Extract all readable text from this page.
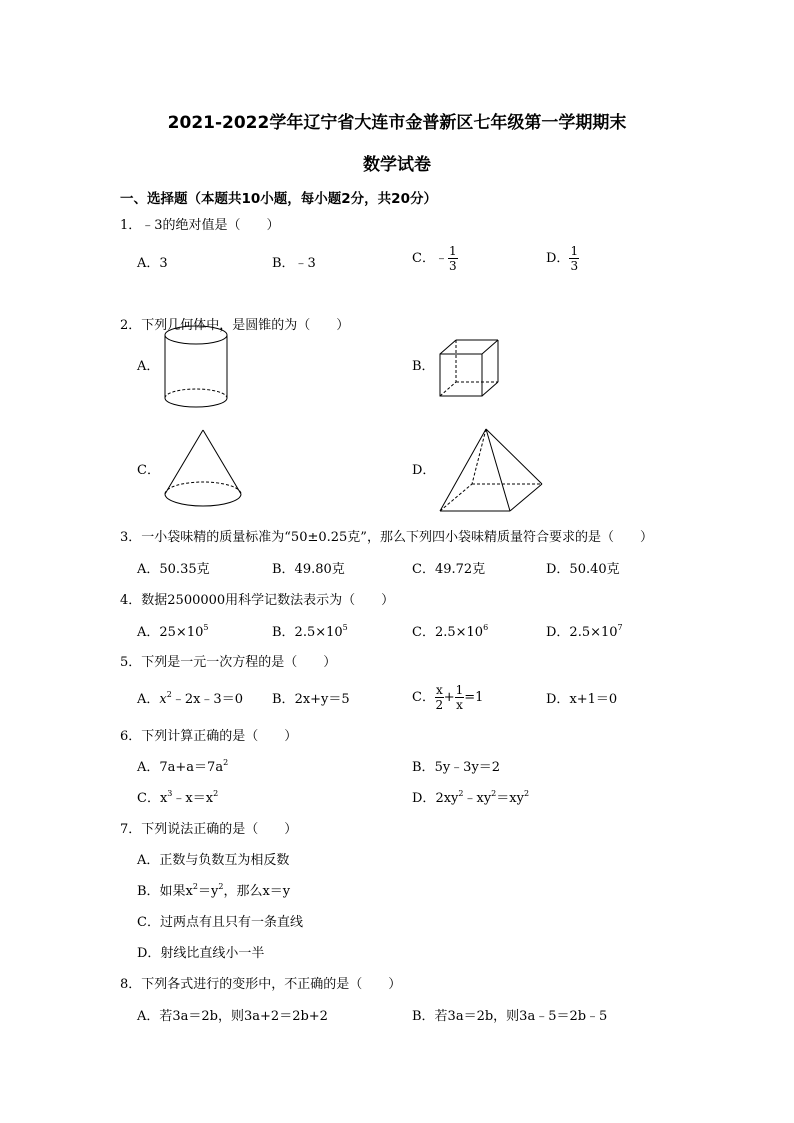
2021-2022学年辽宁省大连市金普新区七年级第一学期期末
数学试卷
一、选择题（本题共10小题，每小题2分，共20分）
1．﹣3的绝对值是（　　）
A．3	B．﹣3	C．﹣ $\frac{1}{3}$	D． $\frac{1}{3}$
2．下列几何体中，是圆锥的为（　　）
A．	B．
C．	D．
3．一小袋味精的质量标准为“50±0.25克”，那么下列四小袋味精质量符合要求的是（　　）
A．50.35克	B．49.80克	C．49.72克	D．50.40克
4．数据2500000用科学记数法表示为（　　）
A．$25\times 10^5$	B．$2.5\times 10^5$	C．$2.5\times 10^6$	D．$2.5\times 10^7$
5．下列是一元一次方程的是（　　）
A．$x^2﹣2x﹣3=0$ B．2x+y＝5	C． $\frac{x}{2} + \frac{1}{x} =1$	D．x+1＝0
6．下列计算正确的是（　　）
A．$7a+a=7a^2$	B．5y﹣3y＝2
C．$x^3﹣x=x^2$	D．$2xy^2﹣xy^2=xy^2$
7．下列说法正确的是（　　）
A．正数与负数互为相反数
B．如果$x^2=y^2$，那么x＝y
C．过两点有且只有一条直线
D．射线比直线小一半
8．下列各式进行的变形中，不正确的是（　　）
A．若3a＝2b，则3a+2＝2b+2	B．若3a＝2b，则3a﹣5＝2b﹣5
